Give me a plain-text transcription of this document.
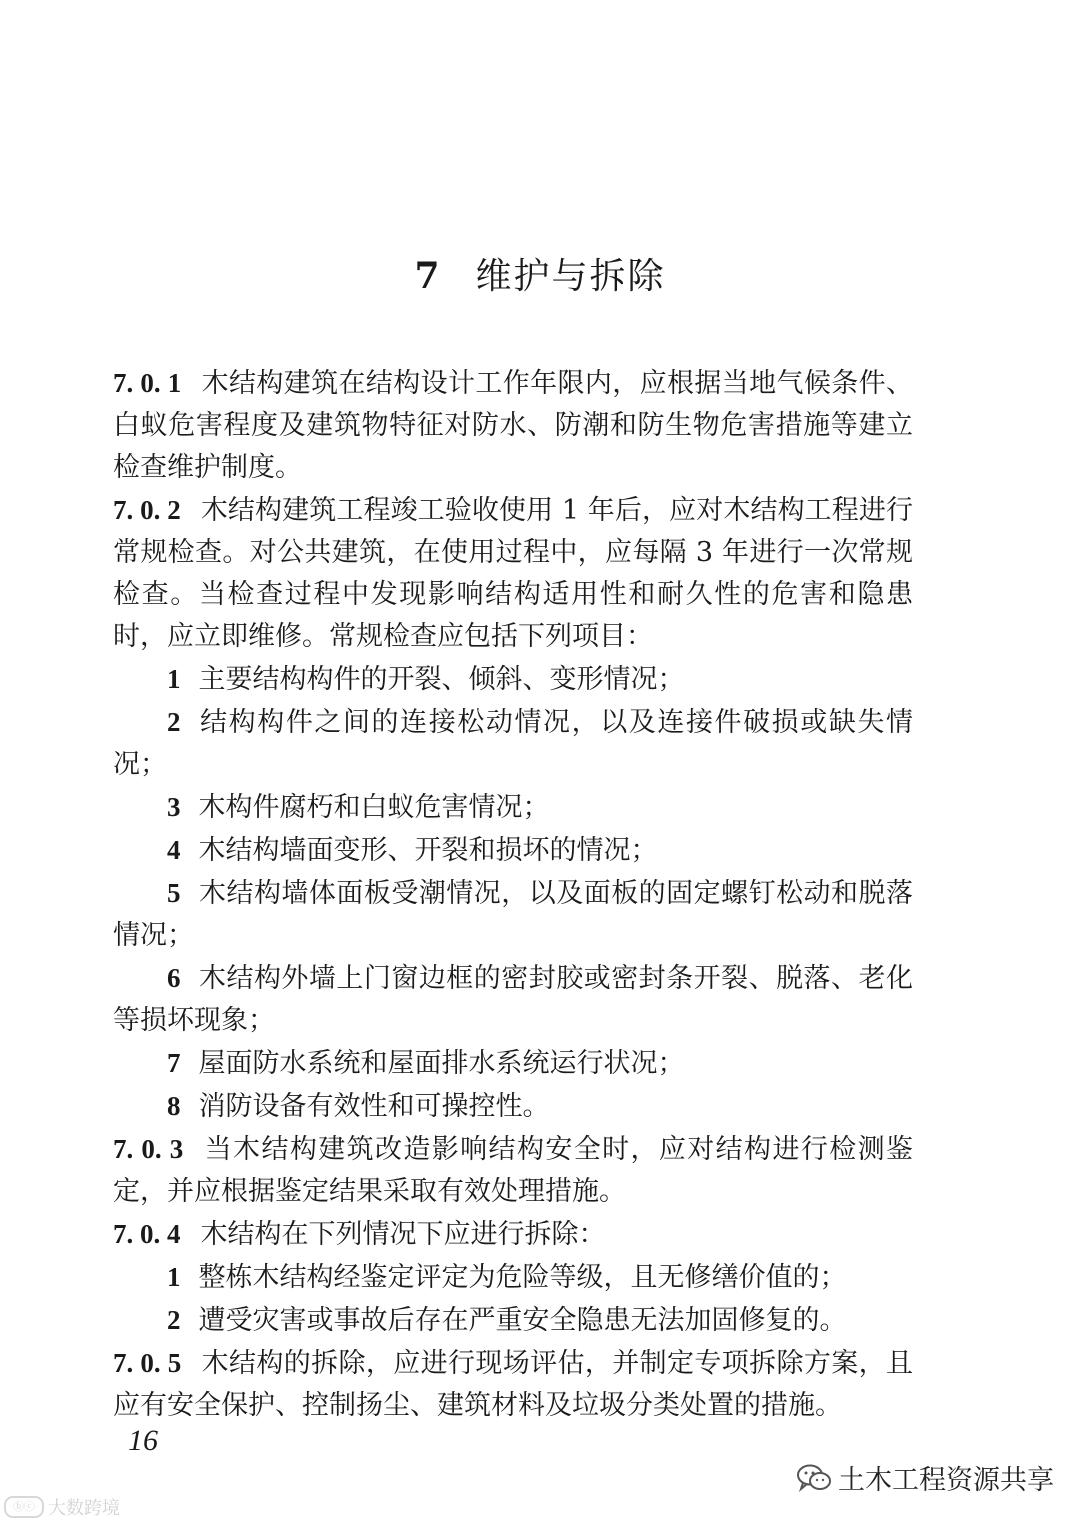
7 维护与拆除

7. 0. 1 木结构建筑在结构设计工作年限内，应根据当地气候条件、白蚁危害程度及建筑物特征对防水、防潮和防生物危害措施等建立检查维护制度。

7. 0. 2 木结构建筑工程竣工验收使用 1 年后，应对木结构工程进行常规检查。对公共建筑，在使用过程中，应每隔 3 年进行一次常规检查。当检查过程中发现影响结构适用性和耐久性的危害和隐患时，应立即维修。常规检查应包括下列项目：

1 主要结构构件的开裂、倾斜、变形情况；

2 结构构件之间的连接松动情况，以及连接件破损或缺失情况；

3 木构件腐朽和白蚁危害情况；

4 木结构墙面变形、开裂和损坏的情况；

5 木结构墙体面板受潮情况，以及面板的固定螺钉松动和脱落情况；

6 木结构外墙上门窗边框的密封胶或密封条开裂、脱落、老化等损坏现象；

7 屋面防水系统和屋面排水系统运行状况；

8 消防设备有效性和可操控性。

7. 0. 3 当木结构建筑改造影响结构安全时，应对结构进行检测鉴定，并应根据鉴定结果采取有效处理措施。

7. 0. 4 木结构在下列情况下应进行拆除：

1 整栋木结构经鉴定评定为危险等级，且无修缮价值的；

2 遭受灾害或事故后存在严重安全隐患无法加固修复的。

7. 0. 5 木结构的拆除，应进行现场评估，并制定专项拆除方案，且应有安全保护、控制扬尘、建筑材料及垃圾分类处置的措施。

16
ⓑⓒ 大数跨境
土木工程资源共享
